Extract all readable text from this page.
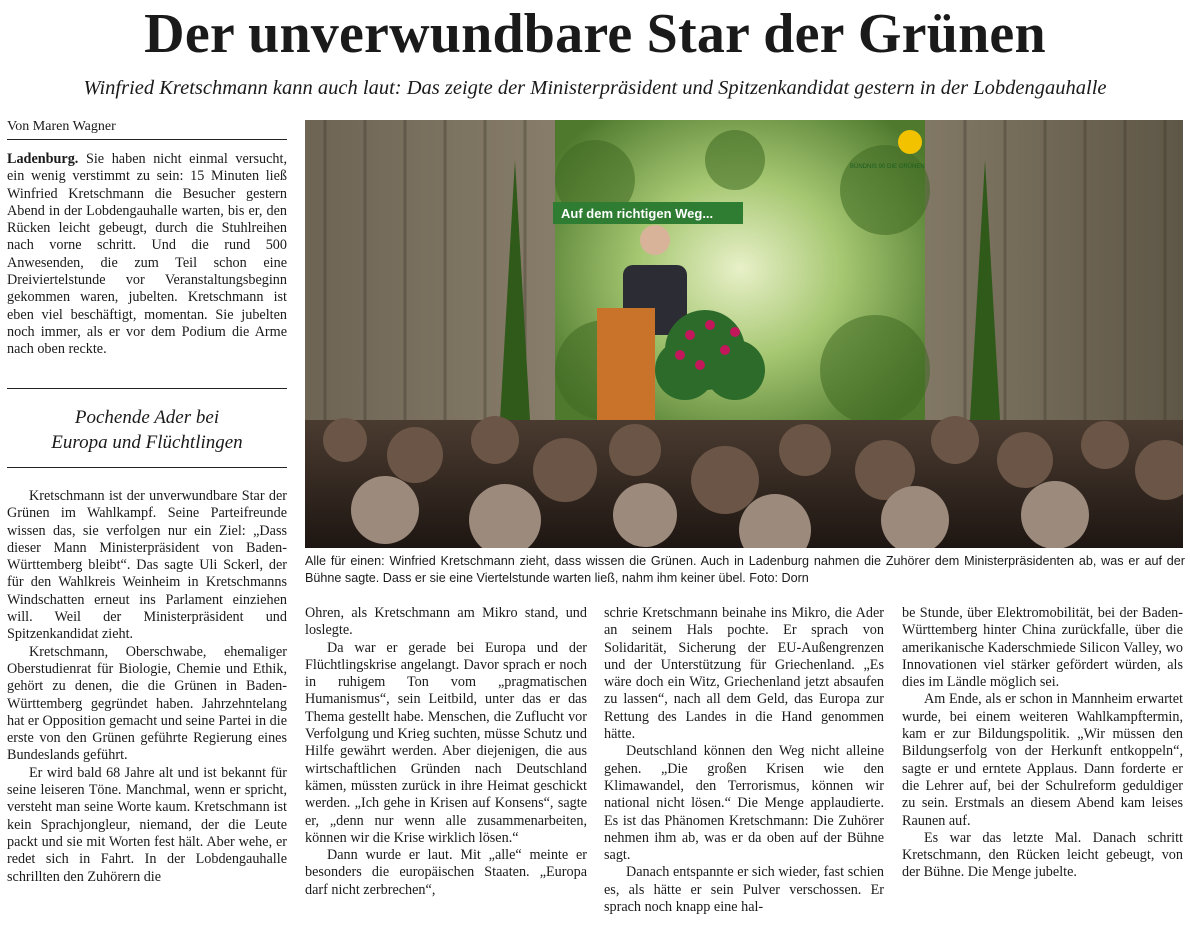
Der unverwundbare Star der Grünen
Winfried Kretschmann kann auch laut: Das zeigte der Ministerpräsident und Spitzenkandidat gestern in der Lobdengauhalle
Von Maren Wagner

Ladenburg. Sie haben nicht einmal versucht, ein wenig verstimmt zu sein: 15 Minuten ließ Winfried Kretschmann die Besucher gestern Abend in der Lobdengauhalle warten, bis er, den Rücken leicht gebeugt, durch die Stuhlreihen nach vorne schritt. Und die rund 500 Anwesenden, die zum Teil schon eine Dreiviertelstunde vor Veranstaltungsbeginn gekommen waren, jubelten. Kretschmann ist eben viel beschäftigt, momentan. Sie jubelten noch immer, als er vor dem Podium die Arme nach oben reckte.

Pochende Ader bei
Europa und Flüchtlingen

Kretschmann ist der unverwundbare Star der Grünen im Wahlkampf. Seine Parteifreunde wissen das, sie verfolgen nur ein Ziel: „Dass dieser Mann Ministerpräsident von Baden-Württemberg bleibt“. Das sagte Uli Sckerl, der für den Wahlkreis Weinheim in Kretschmanns Windschatten erneut ins Parlament einziehen will. Weil der Ministerpräsident und Spitzenkandidat zieht.

Kretschmann, Oberschwabe, ehemaliger Oberstudienrat für Biologie, Chemie und Ethik, gehört zu denen, die die Grünen in Baden-Württemberg gegründet haben. Jahrzehntelang hat er Opposition gemacht und seine Partei in die erste von den Grünen geführte Regierung eines Bundeslands geführt.

Er wird bald 68 Jahre alt und ist bekannt für seine leiseren Töne. Manchmal, wenn er spricht, versteht man seine Worte kaum. Kretschmann ist kein Sprachjongleur, niemand, der die Leute packt und sie mit Worten fest hält. Aber wehe, er redet sich in Fahrt. In der Lobdengauhalle schrillten den Zuhörern die

Auf dem richtigen Weg...
BÜNDNIS 90 DIE GRÜNEN
Alle für einen: Winfried Kretschmann zieht, dass wissen die Grünen. Auch in Ladenburg nahmen die Zuhörer dem Ministerpräsidenten ab, was er auf der Bühne sagte. Dass er sie eine Viertelstunde warten ließ, nahm ihm keiner übel. Foto: Dorn

Ohren, als Kretschmann am Mikro stand, und loslegte.

Da war er gerade bei Europa und der Flüchtlingskrise angelangt. Davor sprach er noch in ruhigem Ton vom „pragmatischen Humanismus“, sein Leitbild, unter das er das Thema gestellt habe. Menschen, die Zuflucht vor Verfolgung und Krieg suchten, müsse Schutz und Hilfe gewährt werden. Aber diejenigen, die aus wirtschaftlichen Gründen nach Deutschland kämen, müssten zurück in ihre Heimat geschickt werden. „Ich gehe in Krisen auf Konsens“, sagte er, „denn nur wenn alle zusammenarbeiten, können wir die Krise wirklich lösen.“

Dann wurde er laut. Mit „alle“ meinte er besonders die europäischen Staaten. „Europa darf nicht zerbrechen“,

schrie Kretschmann beinahe ins Mikro, die Ader an seinem Hals pochte. Er sprach von Solidarität, Sicherung der EU-Außengrenzen und der Unterstützung für Griechenland. „Es wäre doch ein Witz, Griechenland jetzt absaufen zu lassen“, nach all dem Geld, das Europa zur Rettung des Landes in die Hand genommen hätte.

Deutschland können den Weg nicht alleine gehen. „Die großen Krisen wie den Klimawandel, den Terrorismus, können wir national nicht lösen.“ Die Menge applaudierte. Es ist das Phänomen Kretschmann: Die Zuhörer nehmen ihm ab, was er da oben auf der Bühne sagt.

Danach entspannte er sich wieder, fast schien es, als hätte er sein Pulver verschossen. Er sprach noch knapp eine hal-

be Stunde, über Elektromobilität, bei der Baden-Württemberg hinter China zurückfalle, über die amerikanische Kaderschmiede Silicon Valley, wo Innovationen viel stärker gefördert würden, als dies im Ländle möglich sei.

Am Ende, als er schon in Mannheim erwartet wurde, bei einem weiteren Wahlkampftermin, kam er zur Bildungspolitik. „Wir müssen den Bildungserfolg von der Herkunft entkoppeln“, sagte er und erntete Applaus. Dann forderte er die Lehrer auf, bei der Schulreform geduldiger zu sein. Erstmals an diesem Abend kam leises Raunen auf.

Es war das letzte Mal. Danach schritt Kretschmann, den Rücken leicht gebeugt, von der Bühne. Die Menge jubelte.
